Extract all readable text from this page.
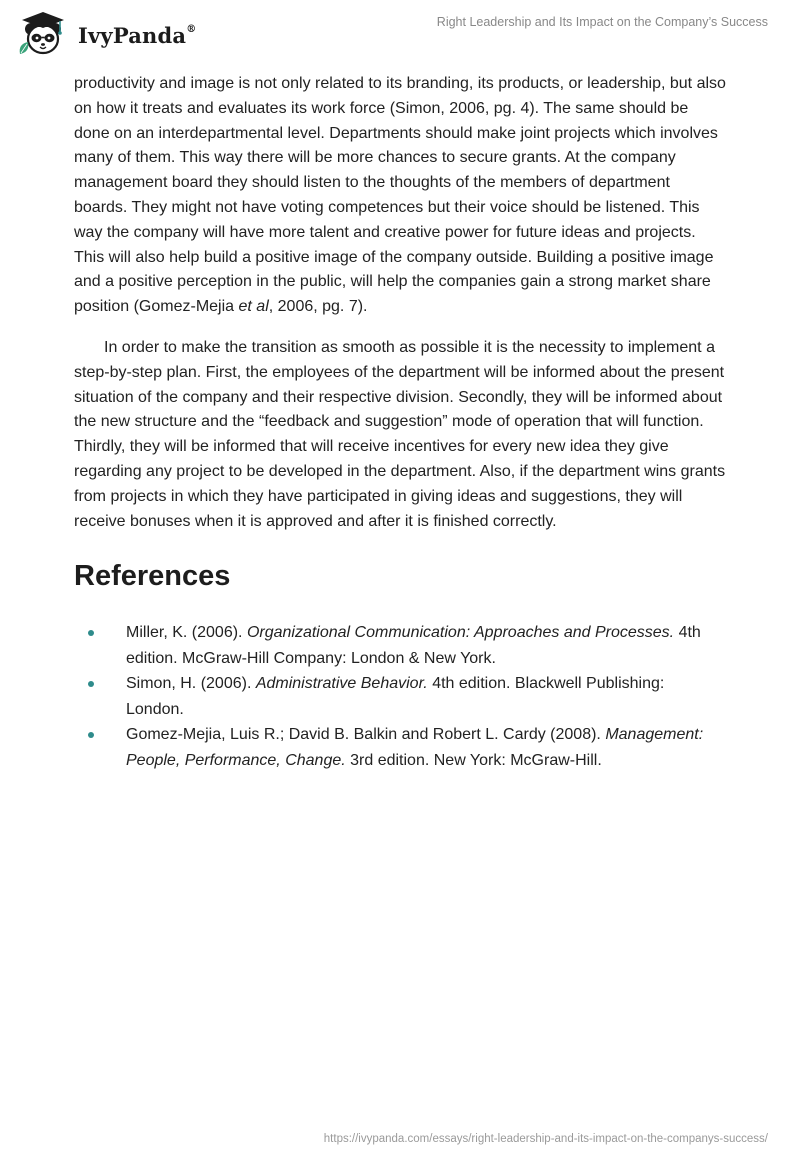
IvyPanda®	Right Leadership and Its Impact on the Company’s Success

productivity and image is not only related to its branding, its products, or leadership, but also on how it treats and evaluates its work force (Simon, 2006, pg. 4). The same should be done on an interdepartmental level. Departments should make joint projects which involves many of them. This way there will be more chances to secure grants. At the company management board they should listen to the thoughts of the members of department boards. They might not have voting competences but their voice should be listened. This way the company will have more talent and creative power for future ideas and projects. This will also help build a positive image of the company outside. Building a positive image and a positive perception in the public, will help the companies gain a strong market share position (Gomez-Mejia et al, 2006, pg. 7).

In order to make the transition as smooth as possible it is the necessity to implement a step-by-step plan. First, the employees of the department will be informed about the present situation of the company and their respective division. Secondly, they will be informed about the new structure and the “feedback and suggestion” mode of operation that will function. Thirdly, they will be informed that will receive incentives for every new idea they give regarding any project to be developed in the department. Also, if the department wins grants from projects in which they have participated in giving ideas and suggestions, they will receive bonuses when it is approved and after it is finished correctly.

References
Miller, K. (2006). Organizational Communication: Approaches and Processes. 4th edition. McGraw-Hill Company: London & New York.
Simon, H. (2006). Administrative Behavior. 4th edition. Blackwell Publishing: London.
Gomez-Mejia, Luis R.; David B. Balkin and Robert L. Cardy (2008). Management: People, Performance, Change. 3rd edition. New York: McGraw-Hill.
https://ivypanda.com/essays/right-leadership-and-its-impact-on-the-companys-success/
